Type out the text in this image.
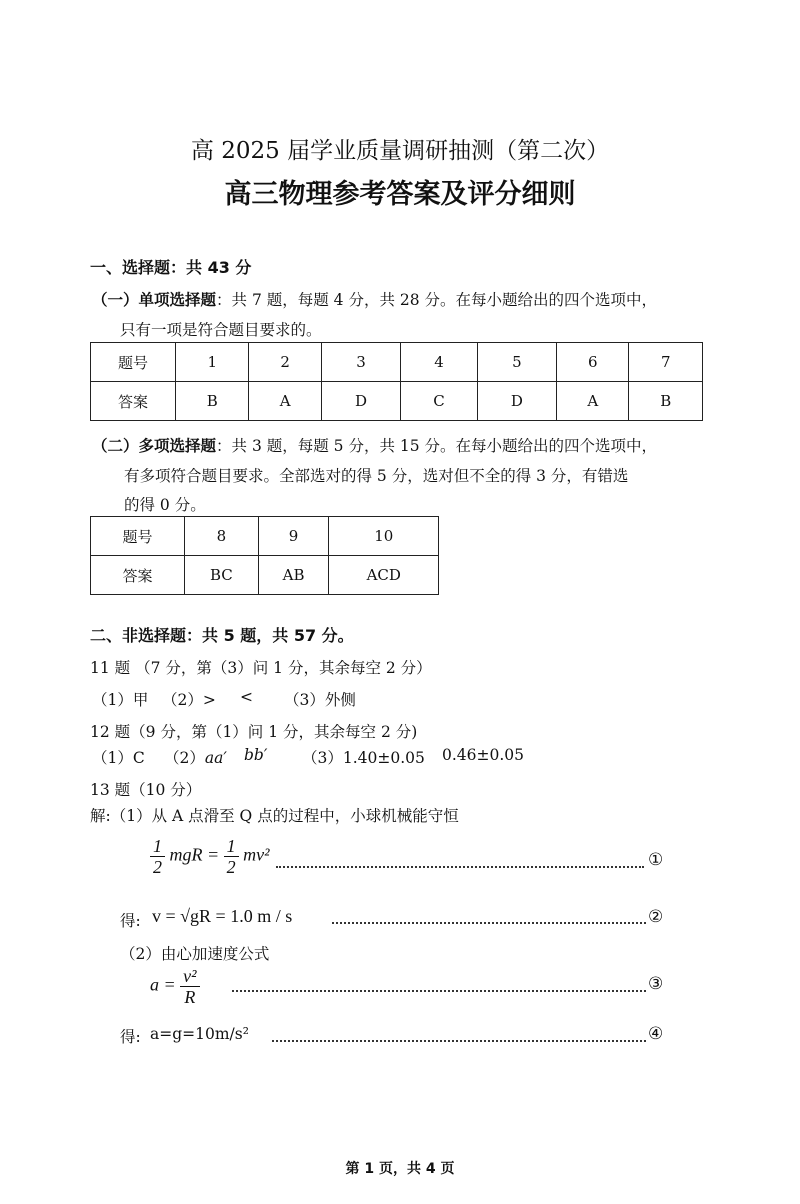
高 2025 届学业质量调研抽测（第二次）
高三物理参考答案及评分细则
一、选择题：共 43 分
（一）单项选择题：共 7 题，每题 4 分，共 28 分。在每小题给出的四个选项中，
只有一项是符合题目要求的。
题号	1	2	3	4	5	6	7
答案	B	A	D	C	D	A	B
（二）多项选择题：共 3 题，每题 5 分，共 15 分。在每小题给出的四个选项中，
有多项符合题目要求。全部选对的得 5 分，选对但不全的得 3 分，有错选
的得 0 分。
题号	8	9	10
答案	BC	AB	ACD
二、非选择题：共 5 题，共 57 分。
11 题 （7 分，第（3）问 1 分，其余每空 2 分）
（1）甲 （2）> < （3）外侧
12 题（9 分，第（1）问 1 分，其余每空 2 分)
（1）C （2）aa′ bb′ （3）1.40±0.05 0.46±0.05
13 题（10 分）
解:（1）从 A 点滑至 Q 点的过程中，小球机械能守恒
$\frac{1}{2}$ mgR = $\frac{1}{2} mv^2$	①
得: v = √gR = 1.0 m / s	②
（2）由心加速度公式
$a = \frac{\text{v²}}{R}$	③
得: a=g=10m/s²	④
第 1 页，共 4 页
